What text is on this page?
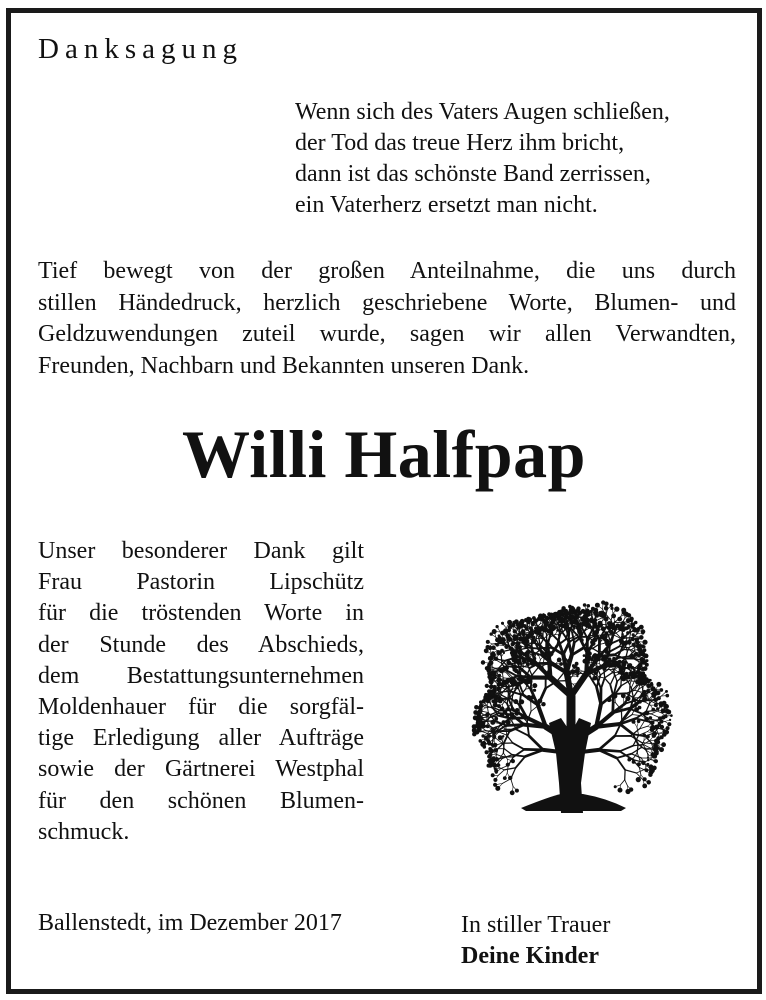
Danksagung
Wenn sich des Vaters Augen schließen,
der Tod das treue Herz ihm bricht,
dann ist das schönste Band zerrissen,
ein Vaterherz ersetzt man nicht.
Tief bewegt von der großen Anteilnahme, die uns durch
stillen Händedruck, herzlich geschriebene Worte, Blumen- und
Geldzuwendungen zuteil wurde, sagen wir allen Verwandten,
Freunden, Nachbarn und Bekannten unseren Dank.
Willi Halfpap
Unser besonderer Dank gilt
Frau Pastorin Lipschütz
für die tröstenden Worte in
der Stunde des Abschieds,
dem Bestattungsunternehmen
Moldenhauer für die sorgfäl-
tige Erledigung aller Aufträge
sowie der Gärtnerei Westphal
für den schönen Blumen-
schmuck.
Ballenstedt, im Dezember 2017	In stiller Trauer
Deine Kinder
